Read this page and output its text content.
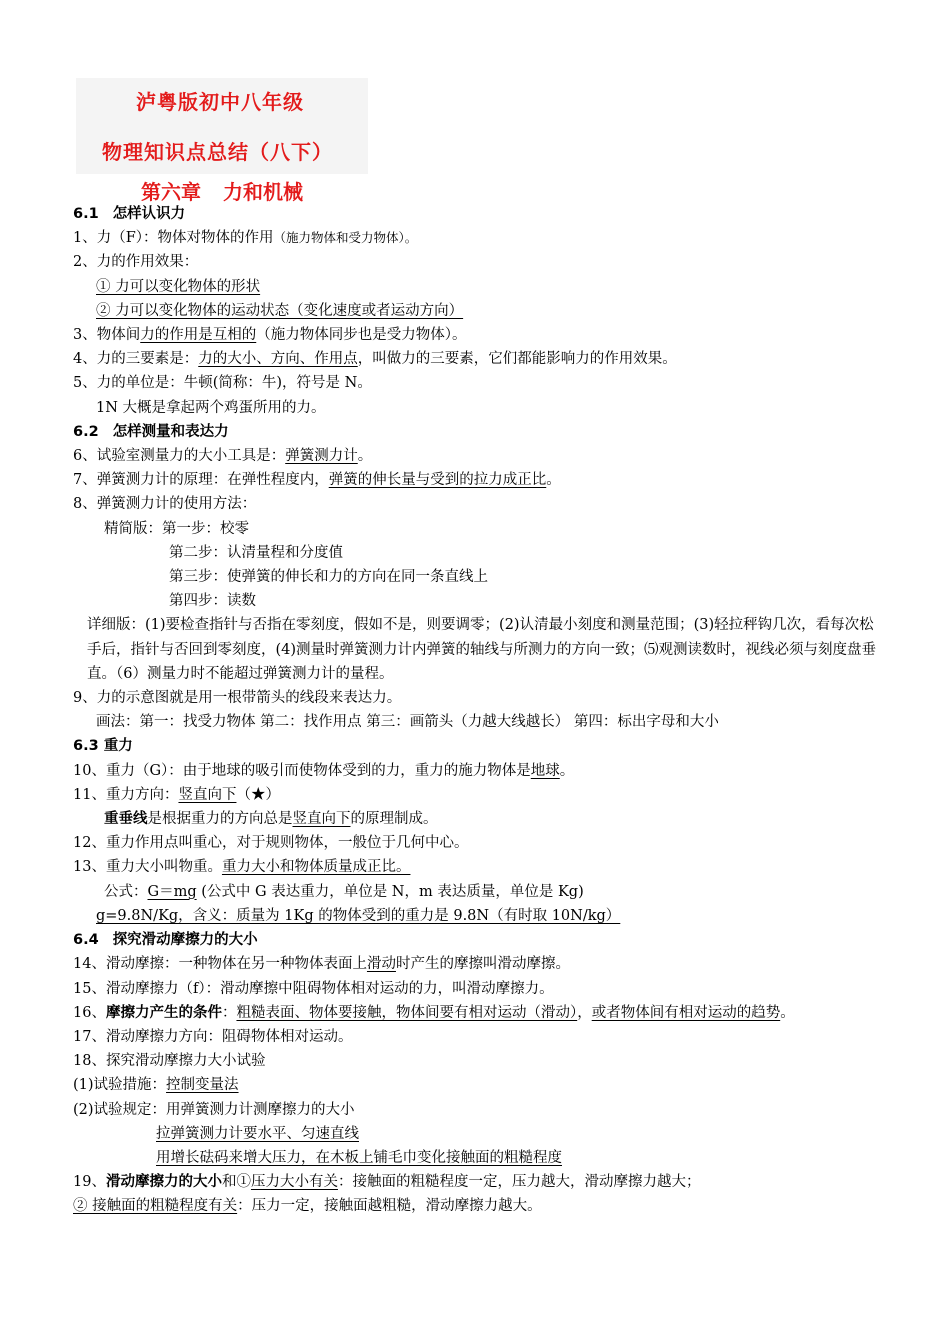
泸粤版初中八年级
物理知识点总结（八下）
第六章 力和机械
6.1 怎样认识力
1、力（F）：物体对物体的作用（施力物体和受力物体）。
2、力的作用效果：
① 力可以变化物体的形状
② 力可以变化物体的运动状态（变化速度或者运动方向）
3、物体间力的作用是互相的（施力物体同步也是受力物体）。
4、力的三要素是：力的大小、方向、作用点，叫做力的三要素，它们都能影响力的作用效果。
5、力的单位是：牛顿(简称：牛)，符号是 N。
1N 大概是拿起两个鸡蛋所用的力。
6.2 怎样测量和表达力
6、试验室测量力的大小工具是：弹簧测力计。
7、弹簧测力计的原理：在弹性程度内，弹簧的伸长量与受到的拉力成正比。
8、弹簧测力计的使用方法：
精简版：第一步：校零
第二步：认清量程和分度值
第三步：使弹簧的伸长和力的方向在同一条直线上
第四步：读数
详细版：(1)要检查指针与否指在零刻度，假如不是，则要调零；(2)认清最小刻度和测量范围；(3)轻拉秤钩几次，看每次松手后，指针与否回到零刻度，(4)测量时弹簧测力计内弹簧的轴线与所测力的方向一致；⑸观测读数时，视线必须与刻度盘垂直。（6）测量力时不能超过弹簧测力计的量程。
9、力的示意图就是用一根带箭头的线段来表达力。
画法：第一：找受力物体 第二：找作用点 第三：画箭头（力越大线越长） 第四：标出字母和大小
6.3 重力
10、重力（G）：由于地球的吸引而使物体受到的力，重力的施力物体是地球。
11、重力方向：竖直向下（★）
重垂线是根据重力的方向总是竖直向下的原理制成。
12、重力作用点叫重心，对于规则物体，一般位于几何中心。
13、重力大小叫物重。重力大小和物体质量成正比。
公式：G＝mg (公式中 G 表达重力，单位是 N，m 表达质量，单位是 Kg)
g=9.8N/Kg，含义：质量为 1Kg 的物体受到的重力是 9.8N（有时取 10N/kg）
6.4 探究滑动摩擦力的大小
14、滑动摩擦：一种物体在另一种物体表面上滑动时产生的摩擦叫滑动摩擦。
15、滑动摩擦力（f）：滑动摩擦中阻碍物体相对运动的力，叫滑动摩擦力。
16、摩擦力产生的条件：粗糙表面、物体要接触，物体间要有相对运动（滑动），或者物体间有相对运动的趋势。
17、滑动摩擦力方向：阻碍物体相对运动。
18、探究滑动摩擦力大小试验
(1)试验措施：控制变量法
(2)试验规定：用弹簧测力计测摩擦力的大小
拉弹簧测力计要水平、匀速直线
用增长砝码来增大压力，在木板上铺毛巾变化接触面的粗糙程度
19、滑动摩擦力的大小和①压力大小有关：接触面的粗糙程度一定，压力越大，滑动摩擦力越大；
② 接触面的粗糙程度有关：压力一定，接触面越粗糙，滑动摩擦力越大。
